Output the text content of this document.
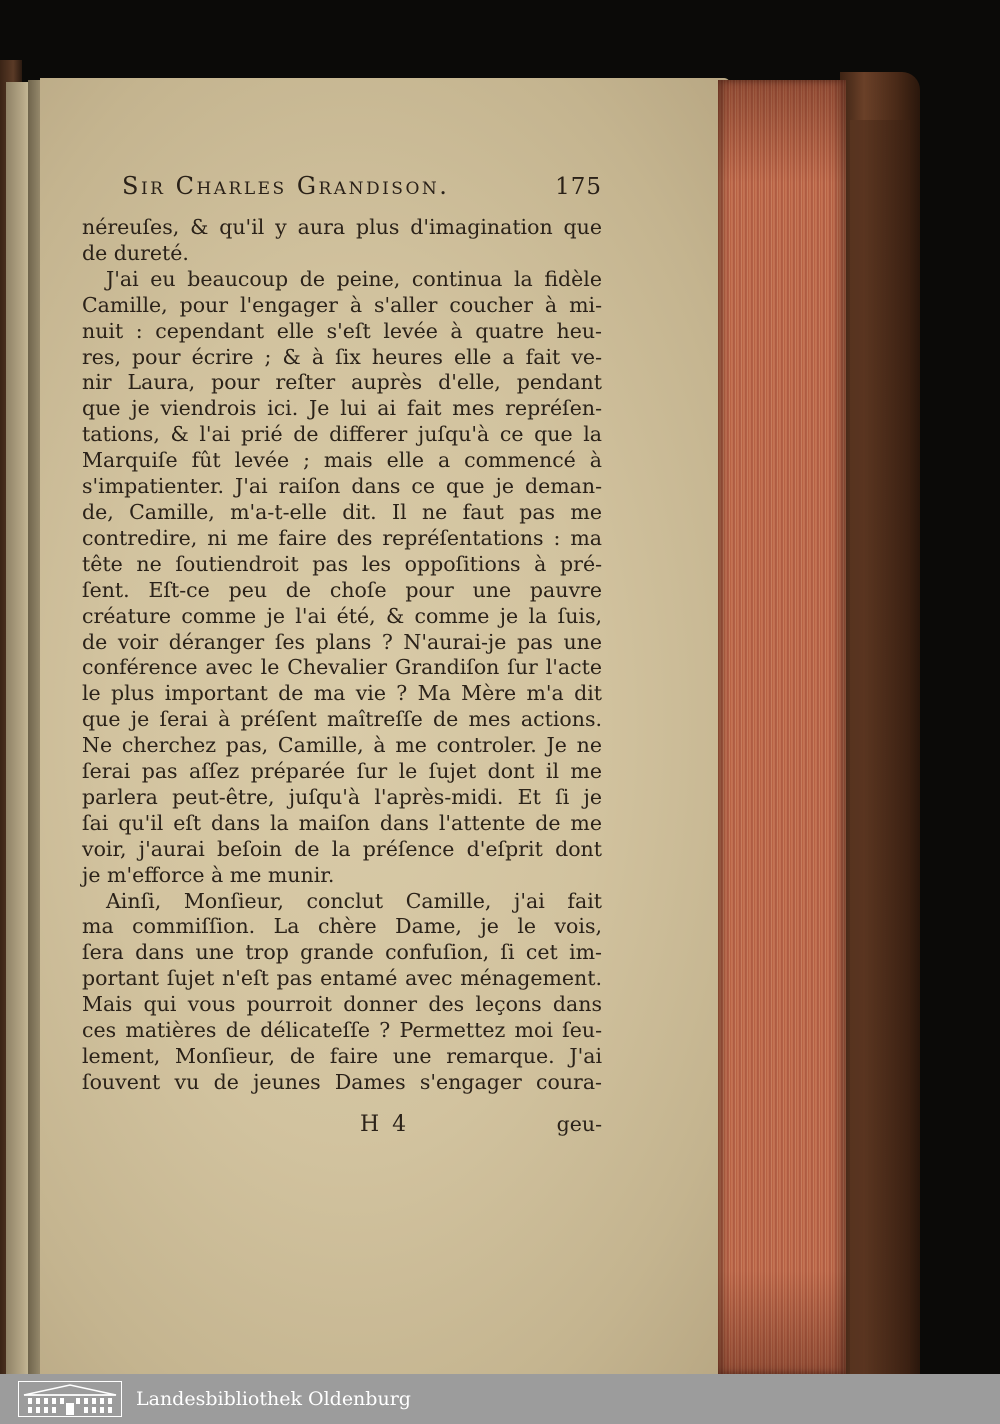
Sir Charles Grandison.	175
néreuſes, & qu'il y aura plus d'imagination que
de dureté.
J'ai eu beaucoup de peine, continua la fidèle
Camille, pour l'engager à s'aller coucher à mi-
nuit : cependant elle s'eſt levée à quatre heu-
res, pour écrire ; & à ſix heures elle a fait ve-
nir Laura, pour reſter auprès d'elle, pendant
que je viendrois ici. Je lui ai fait mes repréſen-
tations, & l'ai prié de differer juſqu'à ce que la
Marquiſe fût levée ; mais elle a commencé à
s'impatienter. J'ai raiſon dans ce que je deman-
de, Camille, m'a-t-elle dit. Il ne faut pas me
contredire, ni me faire des repréſentations : ma
tête ne ſoutiendroit pas les oppoſitions à pré-
ſent. Eſt-ce peu de choſe pour une pauvre
créature comme je l'ai été, & comme je la ſuis,
de voir déranger ſes plans ? N'aurai-je pas une
conférence avec le Chevalier Grandiſon ſur l'acte
le plus important de ma vie ? Ma Mère m'a dit
que je ſerai à préſent maîtreſſe de mes actions.
Ne cherchez pas, Camille, à me controler. Je ne
ſerai pas aſſez préparée ſur le ſujet dont il me
parlera peut-être, juſqu'à l'après-midi. Et ſi je
ſai qu'il eſt dans la maiſon dans l'attente de me
voir, j'aurai beſoin de la préſence d'eſprit dont
je m'efforce à me munir.
Ainſi, Monſieur, conclut Camille, j'ai fait
ma commiſſion. La chère Dame, je le vois,
ſera dans une trop grande confuſion, ſi cet im-
portant ſujet n'eſt pas entamé avec ménagement.
Mais qui vous pourroit donner des leçons dans
ces matières de délicateſſe ? Permettez moi ſeu-
lement, Monſieur, de faire une remarque. J'ai
ſouvent vu de jeunes Dames s'engager coura-
H 4	geu-
Landesbibliothek Oldenburg
